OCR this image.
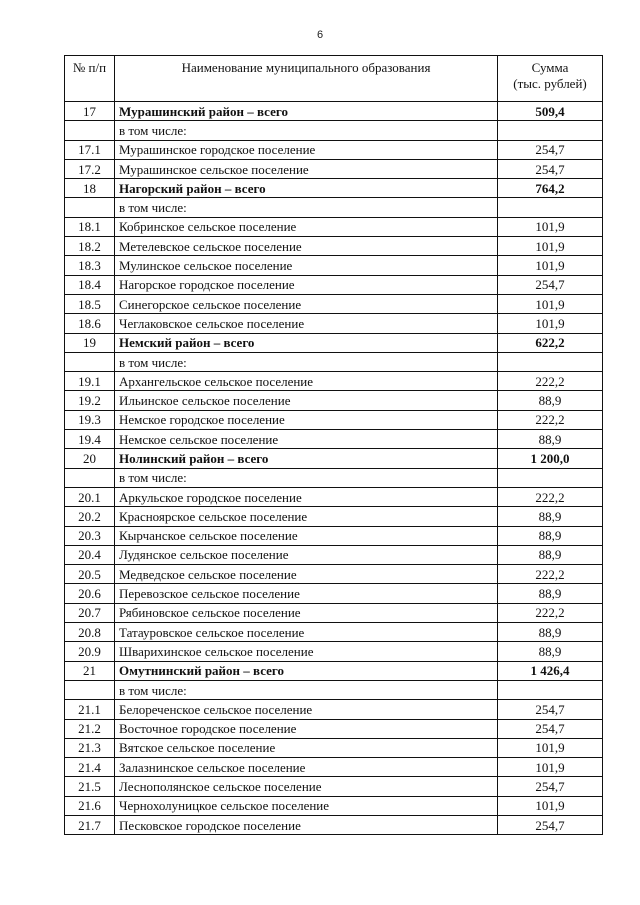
6
№ п/п	Наименование муниципального образования	Сумма
(тыс. рублей)

17	Мурашинский район – всего	509,4
	в том числе:	
17.1	Мурашинское городское поселение	254,7
17.2	Мурашинское сельское поселение	254,7
18	Нагорский район – всего	764,2
	в том числе:	
18.1	Кобринское сельское поселение	101,9
18.2	Метелевское сельское поселение	101,9
18.3	Мулинское сельское поселение	101,9
18.4	Нагорское городское поселение	254,7
18.5	Синегорское сельское поселение	101,9
18.6	Чеглаковское сельское поселение	101,9
19	Немский район – всего	622,2
	в том числе:	
19.1	Архангельское сельское поселение	222,2
19.2	Ильинское сельское поселение	88,9
19.3	Немское городское поселение	222,2
19.4	Немское сельское поселение	88,9
20	Нолинский район – всего	1 200,0
	в том числе:	
20.1	Аркульское городское поселение	222,2
20.2	Красноярское сельское поселение	88,9
20.3	Кырчанское сельское поселение	88,9
20.4	Лудянское сельское поселение	88,9
20.5	Медведское сельское поселение	222,2
20.6	Перевозское сельское поселение	88,9
20.7	Рябиновское сельское поселение	222,2
20.8	Татауровское сельское поселение	88,9
20.9	Шварихинское сельское поселение	88,9
21	Омутнинский район – всего	1 426,4
	в том числе:	
21.1	Белореченское сельское поселение	254,7
21.2	Восточное городское поселение	254,7
21.3	Вятское сельское поселение	101,9
21.4	Залазнинское сельское поселение	101,9
21.5	Леснополянское сельское поселение	254,7
21.6	Чернохолуницкое сельское поселение	101,9
21.7	Песковское городское поселение	254,7
